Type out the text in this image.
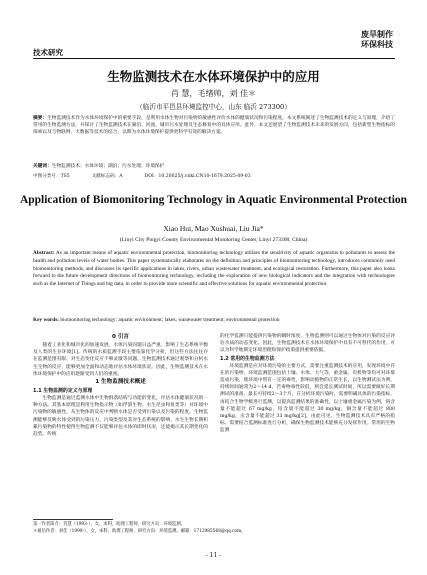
技术研究
废旱制作
环保科技
生物监测技术在水体环境保护中的应用
肖 慧，毛绪帅，刘 佳＊
（临沂市平邑县环境监控中心，山东 临沂 273300）
摘要：生物监测技术作为水体环境保护中的重要手段，是利用水体生物对污染物的敏感性评价水体的健康状况和污染程度。本文系统阐述了生物监测技术的定义与原理，介绍了常用的生物监测方法，并探讨了生物监测技术在湖泊、河流、城市污水处理及生态修复中的具体应用。此外，本文还展望了生物监测技术未来的发展方向，包括新型生物指标的探索以及与物联网、大数据等技术的结合，以期为水体环境保护提供更科学有效的解决方案。
关键词：生物监测技术；水体环境；湖泊；污水处理；环境保护
中图分类号：TS5	文献标志码：A	DOI：10.20025/j.cnki.CN10-1679.2025-09-03
Application of Biomonitoring Technology in Aquatic Environmental Protection
Xiao Hui, Mao Xushuai, Liu Jia*
(Linyi City Pingyi County Environmental Monitoring Center, Linyi 273300, China)
Abstract: As an important means of aquatic environmental protection, biomonitoring technology utilizes the sensitivity of aquatic organisms to pollutants to assess the health and pollution levels of water bodies. This paper systematically elaborates on the definition and principles of biomonitoring technology, introduces commonly used biomonitoring methods, and discusses its specific applications in lakes, rivers, urban wastewater treatment, and ecological restoration. Furthermore, this paper also looks forward to the future development directions of biomonitoring technology, including the exploration of new biological indicators and the integration with technologies such as the Internet of Things and big data, in order to provide more scientific and effective solutions for aquatic environmental protection.
Key words: biomonitoring technology; aquatic environment; lakes; wastewater treatment; environmental protection
0 引言

随着工业化和城市化的加速发展，水体污染问题日益严重，影响了生态系统平衡及人类的生存环境[1]。传统的水质监测手段主要依靠化学分析，但这些方法往往存在监测范围有限、对生态变化反应不够灵敏等问题。生物监测技术通过观察和分析水生生物的反应，能够更加全面和动态地评估水体环境状况。因此，生物监测技术在水体环境保护中的应用逐渐受到人们的重视。

1 生物监测技术概述
1.1 生物监测的定义与原理

生物监测是通过监测水体中生物群落结构与功能的变化，评估水体健康状况的一种方法。其基本原理是利用生物指示物（如浮游生物、水生昆虫和鱼类等）对环境中污染物的敏感性，从生物体的反应中判断水体是否受到污染以及污染的程度。生物监测能够反映水体受到的污染压力，污染类型及其对生态系统的影响。水生生物长期积累污染物的特性使得生物监测不仅能够评估水体的即时状况，还能揭示其长期变化的趋势。传统

的化学监测只能提供污染物的瞬时浓度，生物监测则可以通过生物体对污染的反应评估水质的动态变化。因此，生物监测技术在水体环境保护中具有不可替代的作用，可以为科学地制定环境治理和保护政策提供重要依据。

1.2 常用的生物监测方法

环境监测是应对环境污染的主要方式，需要注重监测技术的应用，发现环境中存在的污染物，环境监测范围包括土壤、水体、大气等，重金属、有机物等均可对环境造成污染，使环境中带有一定的毒性，影响动植物的正常生长，以生物测试法为例，持续时间通常为2～14 d，若毒物毒性较低，则会延长测试时间，所以需要做好长期测试的准备，最长可持续2～3个月，在分析环境污染时，需要明确具体的污染指标，再结合生物学级进行监测，以提高监测结果的准确性。以土壤重金属污染为例，铬含量不能超过 67 mg/kg，铅含量不能超过 30 mg/kg，铜含量不能超过 800 mg/kg，汞含量不能超过 33 mg/kg[2]。由此可见，生物监测技术具有严格的指标。需要结合监测标准进行分析，确保生物监测技术能够充分发挥作用。常用的生物监测

第一作者简介：肖慧（1993-），女，本科，助理工程师，研究方向：环境监测。
＊通信作者：刘佳（1998-），女，本科，助理工程师，研究方向：环境监测。邮箱：1712985568@qq.com。
- 11 -
